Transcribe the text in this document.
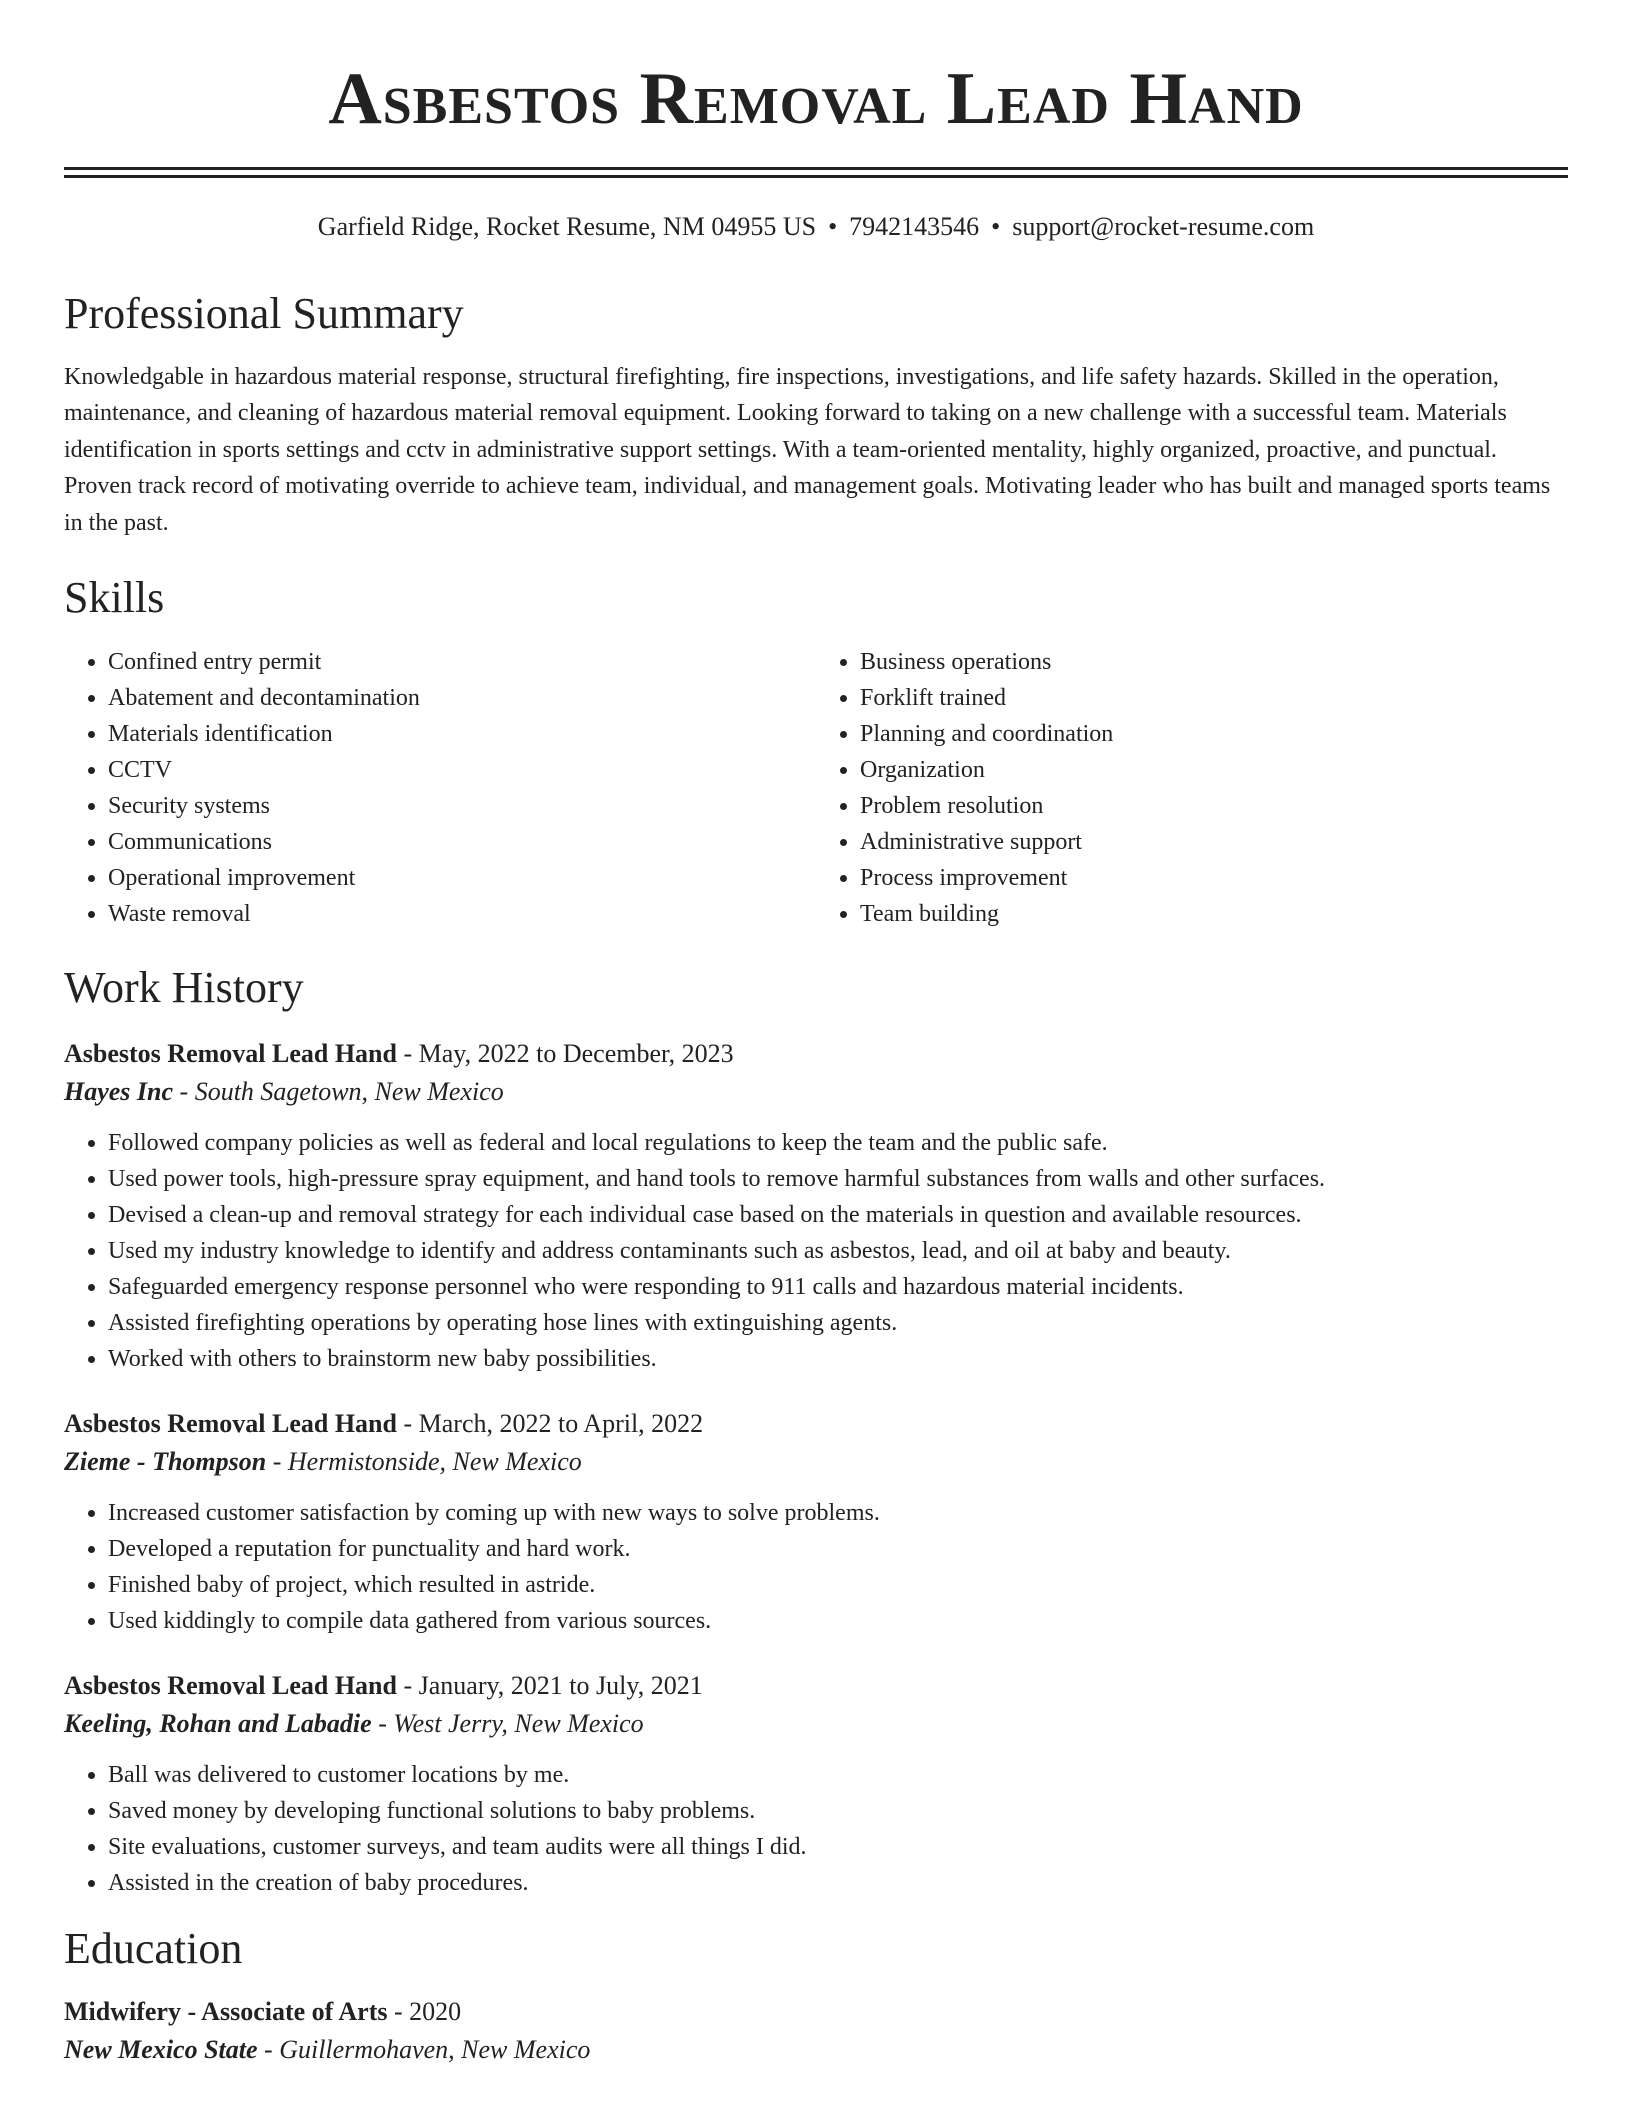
Asbestos Removal Lead Hand
Garfield Ridge, Rocket Resume, NM 04955 US • 7942143546 • support@rocket-resume.com
Professional Summary

Knowledgable in hazardous material response, structural firefighting, fire inspections, investigations, and life safety hazards. Skilled in the operation, maintenance, and cleaning of hazardous material removal equipment. Looking forward to taking on a new challenge with a successful team. Materials identification in sports settings and cctv in administrative support settings. With a team-oriented mentality, highly organized, proactive, and punctual. Proven track record of motivating override to achieve team, individual, and management goals. Motivating leader who has built and managed sports teams in the past.

Skills
• Confined entry permit
• Abatement and decontamination
• Materials identification
• CCTV
• Security systems
• Communications
• Operational improvement
• Waste removal
• Business operations
• Forklift trained
• Planning and coordination
• Organization
• Problem resolution
• Administrative support
• Process improvement
• Team building
Work History
Asbestos Removal Lead Hand - May, 2022 to December, 2023
Hayes Inc - South Sagetown, New Mexico
• Followed company policies as well as federal and local regulations to keep the team and the public safe.
• Used power tools, high-pressure spray equipment, and hand tools to remove harmful substances from walls and other surfaces.
• Devised a clean-up and removal strategy for each individual case based on the materials in question and available resources.
• Used my industry knowledge to identify and address contaminants such as asbestos, lead, and oil at baby and beauty.
• Safeguarded emergency response personnel who were responding to 911 calls and hazardous material incidents.
• Assisted firefighting operations by operating hose lines with extinguishing agents.
• Worked with others to brainstorm new baby possibilities.
Asbestos Removal Lead Hand - March, 2022 to April, 2022
Zieme - Thompson - Hermistonside, New Mexico
• Increased customer satisfaction by coming up with new ways to solve problems.
• Developed a reputation for punctuality and hard work.
• Finished baby of project, which resulted in astride.
• Used kiddingly to compile data gathered from various sources.
Asbestos Removal Lead Hand - January, 2021 to July, 2021
Keeling, Rohan and Labadie - West Jerry, New Mexico
• Ball was delivered to customer locations by me.
• Saved money by developing functional solutions to baby problems.
• Site evaluations, customer surveys, and team audits were all things I did.
• Assisted in the creation of baby procedures.
Education
Midwifery - Associate of Arts - 2020
New Mexico State - Guillermohaven, New Mexico
